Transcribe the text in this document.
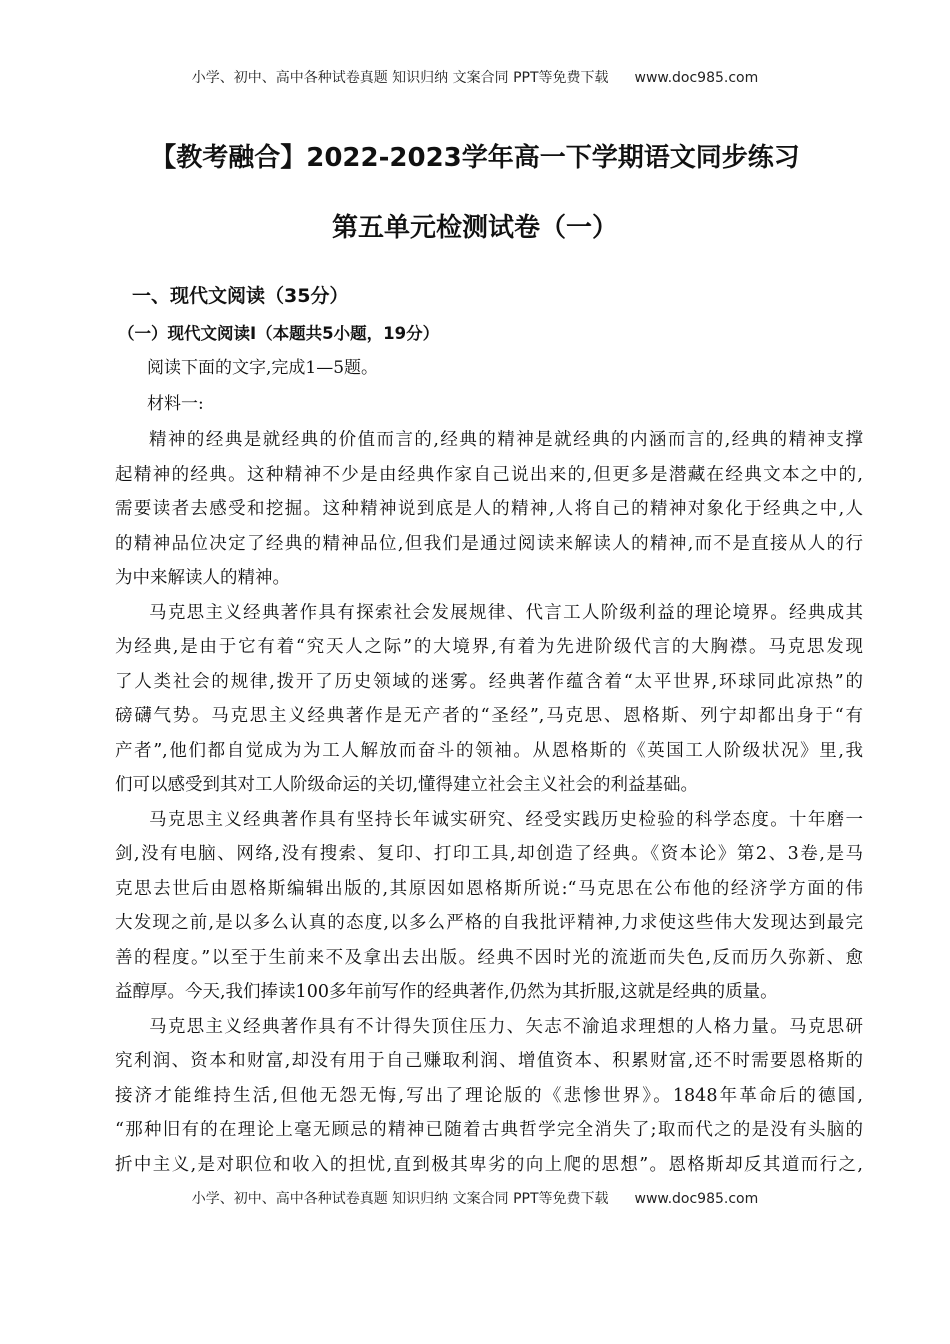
小学、初中、高中各种试卷真题 知识归纳 文案合同 PPT等免费下载 www.doc985.com
【教考融合】2022-2023学年高一下学期语文同步练习
第五单元检测试卷（一）
一、现代文阅读（35分）
（一）现代文阅读Ⅰ（本题共5小题，19分）
阅读下面的文字,完成1—5题。
材料一:
精神的经典是就经典的价值而言的,经典的精神是就经典的内涵而言的,经典的精神支撑
起精神的经典。这种精神不少是由经典作家自己说出来的,但更多是潜藏在经典文本之中的,
需要读者去感受和挖掘。这种精神说到底是人的精神,人将自己的精神对象化于经典之中,人
的精神品位决定了经典的精神品位,但我们是通过阅读来解读人的精神,而不是直接从人的行
为中来解读人的精神。
马克思主义经典著作具有探索社会发展规律、代言工人阶级利益的理论境界。经典成其
为经典,是由于它有着“究天人之际”的大境界,有着为先进阶级代言的大胸襟。马克思发现
了人类社会的规律,拨开了历史领域的迷雾。经典著作蕴含着“太平世界,环球同此凉热”的
磅礴气势。马克思主义经典著作是无产者的“圣经”,马克思、恩格斯、列宁却都出身于“有
产者”,他们都自觉成为为工人解放而奋斗的领袖。从恩格斯的《英国工人阶级状况》里,我
们可以感受到其对工人阶级命运的关切,懂得建立社会主义社会的利益基础。
马克思主义经典著作具有坚持长年诚实研究、经受实践历史检验的科学态度。十年磨一
剑,没有电脑、网络,没有搜索、复印、打印工具,却创造了经典。《资本论》第2、3卷,是马
克思去世后由恩格斯编辑出版的,其原因如恩格斯所说:“马克思在公布他的经济学方面的伟
大发现之前,是以多么认真的态度,以多么严格的自我批评精神,力求使这些伟大发现达到最完
善的程度。”以至于生前来不及拿出去出版。经典不因时光的流逝而失色,反而历久弥新、愈
益醇厚。今天,我们捧读100多年前写作的经典著作,仍然为其折服,这就是经典的质量。
马克思主义经典著作具有不计得失顶住压力、矢志不渝追求理想的人格力量。马克思研
究利润、资本和财富,却没有用于自己赚取利润、增值资本、积累财富,还不时需要恩格斯的
接济才能维持生活,但他无怨无悔,写出了理论版的《悲惨世界》。1848年革命后的德国,
“那种旧有的在理论上毫无顾忌的精神已随着古典哲学完全消失了;取而代之的是没有头脑的
折中主义,是对职位和收入的担忧,直到极其卑劣的向上爬的思想”。恩格斯却反其道而行之,
小学、初中、高中各种试卷真题 知识归纳 文案合同 PPT等免费下载 www.doc985.com
